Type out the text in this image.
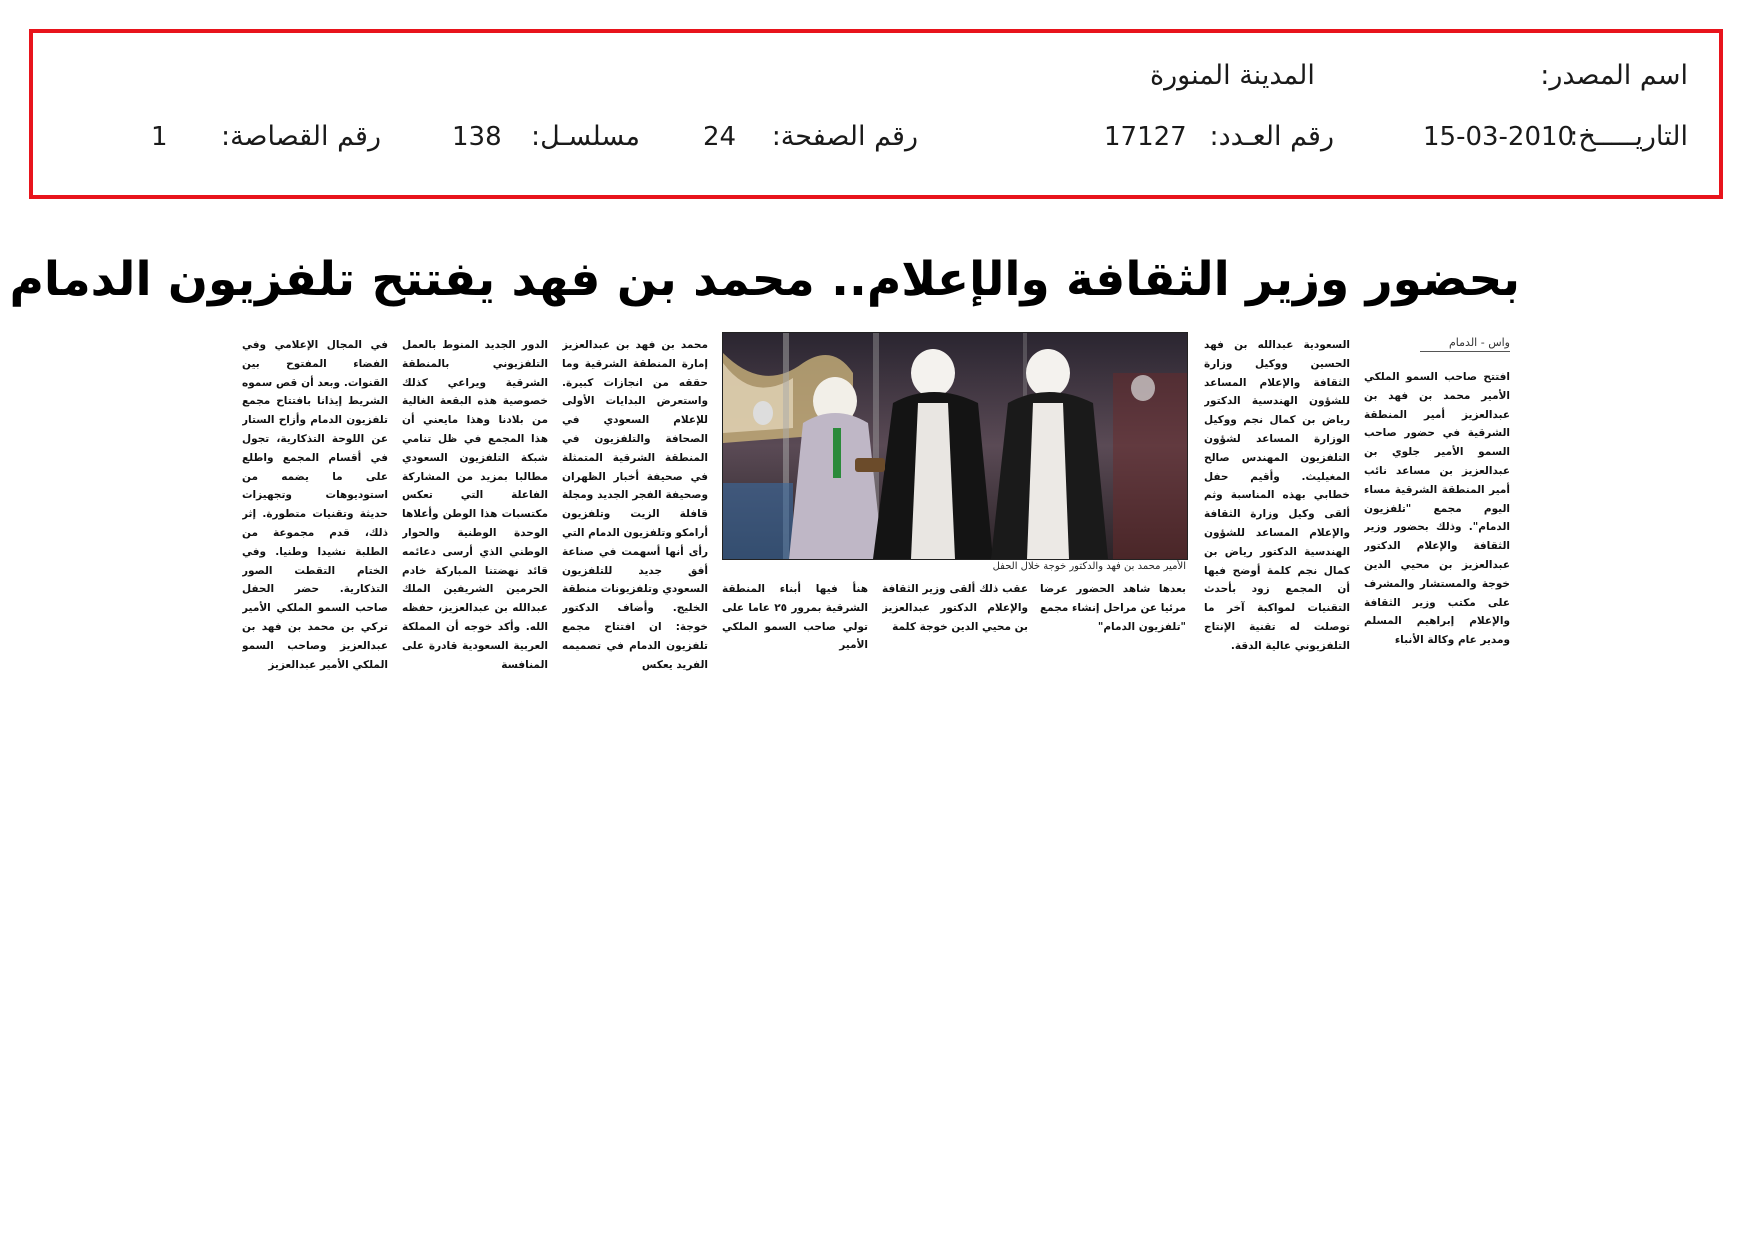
اسم المصدر:
المدينة المنورة
التاريـــــخ:
15-03-2010
رقم العـدد:
17127
رقم الصفحة:
24
مسلسـل:
138
رقم القصاصة:
1
بحضور وزير الثقافة والإعلام.. محمد بن فهد يفتتح تلفزيون الدمام
واس - الدمام

افتتح صاحب السمو الملكي الأمير محمد بن فهد بن عبدالعزيز أمير المنطقة الشرقية في حضور صاحب السمو الأمير جلوي بن عبدالعزيز بن مساعد نائب أمير المنطقة الشرقية مساء اليوم مجمع "تلفزيون الدمام". وذلك بحضور وزير الثقافة والإعلام الدكتور عبدالعزيز بن محيي الدين خوجة والمستشار والمشرف على مكتب وزير الثقافة والإعلام إبراهيم المسلم ومدير عام وكالة الأنباء

السعودية عبدالله بن فهد الحسين ووكيل وزارة الثقافة والإعلام المساعد للشؤون الهندسية الدكتور رياض بن كمال نجم ووكيل الوزارة المساعد لشؤون التلفزيون المهندس صالح المغيليث. وأقيم حفل خطابي بهذه المناسبة وثم ألقى وكيل وزارة الثقافة والإعلام المساعد للشؤون الهندسية الدكتور رياض بن كمال نجم كلمة أوضح فيها أن المجمع زود بأحدث التقنيات لمواكبة آخر ما توصلت له تقنية الإنتاج التلفزيوني عالية الدقة.

بعدها شاهد الحضور عرضا مرئيا عن مراحل إنشاء مجمع "تلفزيون الدمام"

عقب ذلك ألقى وزير الثقافة والإعلام الدكتور عبدالعزيز بن محيي الدين خوجة كلمة

هنأ فيها أبناء المنطقة الشرقية بمرور ٢٥ عاما على تولي صاحب السمو الملكي الأمير

محمد بن فهد بن عبدالعزيز إمارة المنطقة الشرقية وما حققه من انجازات كبيرة. واستعرض البدايات الأولى للإعلام السعودي في الصحافة والتلفزيون في المنطقة الشرقية المتمثلة في صحيفة أخبار الظهران وصحيفة الفجر الجديد ومجلة قافلة الزيت وتلفزيون أرامكو وتلفزيون الدمام التي رأى أنها أسهمت في صناعة أفق جديد للتلفزيون السعودي وتلفزيونات منطقة الخليج. وأضاف الدكتور خوجة: ان افتتاح مجمع تلفزيون الدمام في تصميمه الفريد يعكس

الدور الجديد المنوط بالعمل التلفزيوني بالمنطقة الشرقية ويراعي كذلك خصوصية هذه البقعة الغالية من بلادنا وهذا مايعني أن هذا المجمع في ظل تنامي شبكة التلفزيون السعودي مطالبا بمزيد من المشاركة الفاعلة التي تعكس مكتسبات هذا الوطن وأعلاها الوحدة الوطنية والحوار الوطني الذي أرسى دعائمه قائد نهضتنا المباركة خادم الحرمين الشريفين الملك عبدالله بن عبدالعزيز، حفظه الله. وأكد خوجه أن المملكة العربية السعودية قادرة على المنافسة

في المجال الإعلامي وفي الفضاء المفتوح بين القنوات. وبعد أن قص سموه الشريط إيذانا بافتتاح مجمع تلفزيون الدمام وأزاح الستار عن اللوحة التذكارية، تجول في أقسام المجمع واطلع على ما يضمه من استوديوهات وتجهيزات حديثة وتقنيات متطورة. إثر ذلك، قدم مجموعة من الطلبة نشيدا وطنيا. وفي الختام التقطت الصور التذكارية. حضر الحفل صاحب السمو الملكي الأمير تركي بن محمد بن فهد بن عبدالعزيز وصاحب السمو الملكي الأمير عبدالعزيز

الأمير محمد بن فهد والدكتور خوجة خلال الحفل
